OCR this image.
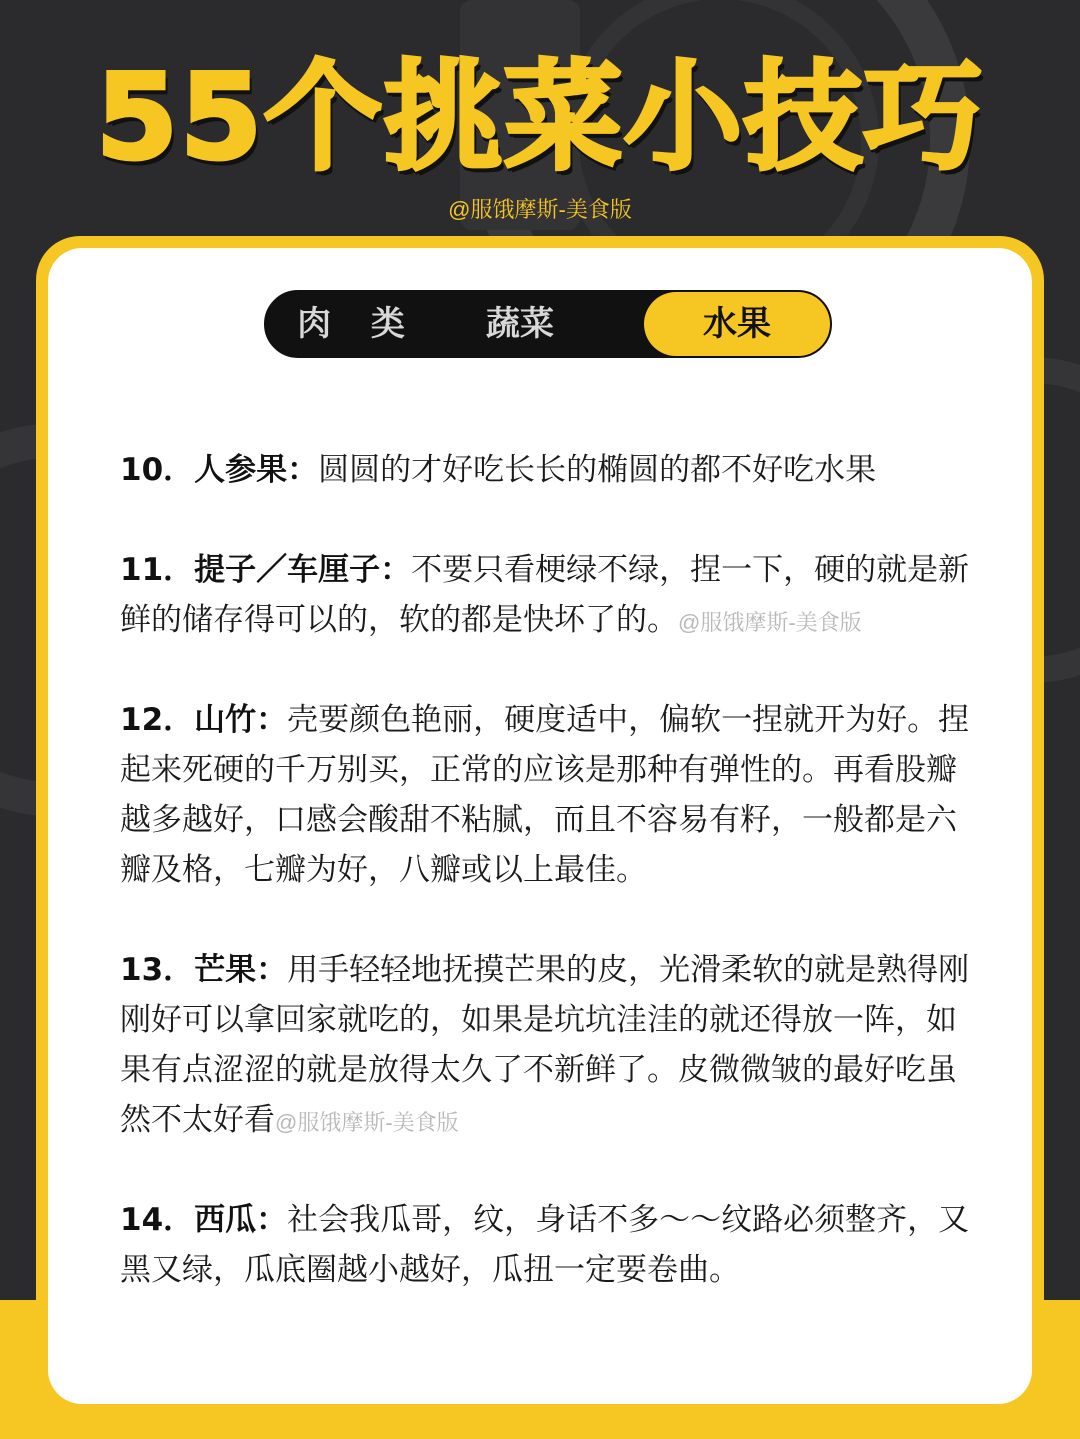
55个挑菜小技巧
@服饿摩斯-美食版
肉 类	蔬菜	水果
10．人参果：圆圆的才好吃长长的椭圆的都不好吃水果
11．提子／车厘子：不要只看梗绿不绿，捏一下，硬的就是新鲜的储存得可以的，软的都是快坏了的。@服饿摩斯-美食版
12．山竹：壳要颜色艳丽，硬度适中，偏软一捏就开为好。捏起来死硬的千万别买，正常的应该是那种有弹性的。再看股瓣越多越好，口感会酸甜不粘腻，而且不容易有籽，一般都是六瓣及格，七瓣为好，八瓣或以上最佳。
13．芒果：用手轻轻地抚摸芒果的皮，光滑柔软的就是熟得刚刚好可以拿回家就吃的，如果是坑坑洼洼的就还得放一阵，如果有点涩涩的就是放得太久了不新鲜了。皮微微皱的最好吃虽然不太好看@服饿摩斯-美食版
14．西瓜：社会我瓜哥，纹，身话不多～～纹路必须整齐，又黑又绿，瓜底圈越小越好，瓜扭一定要卷曲。
